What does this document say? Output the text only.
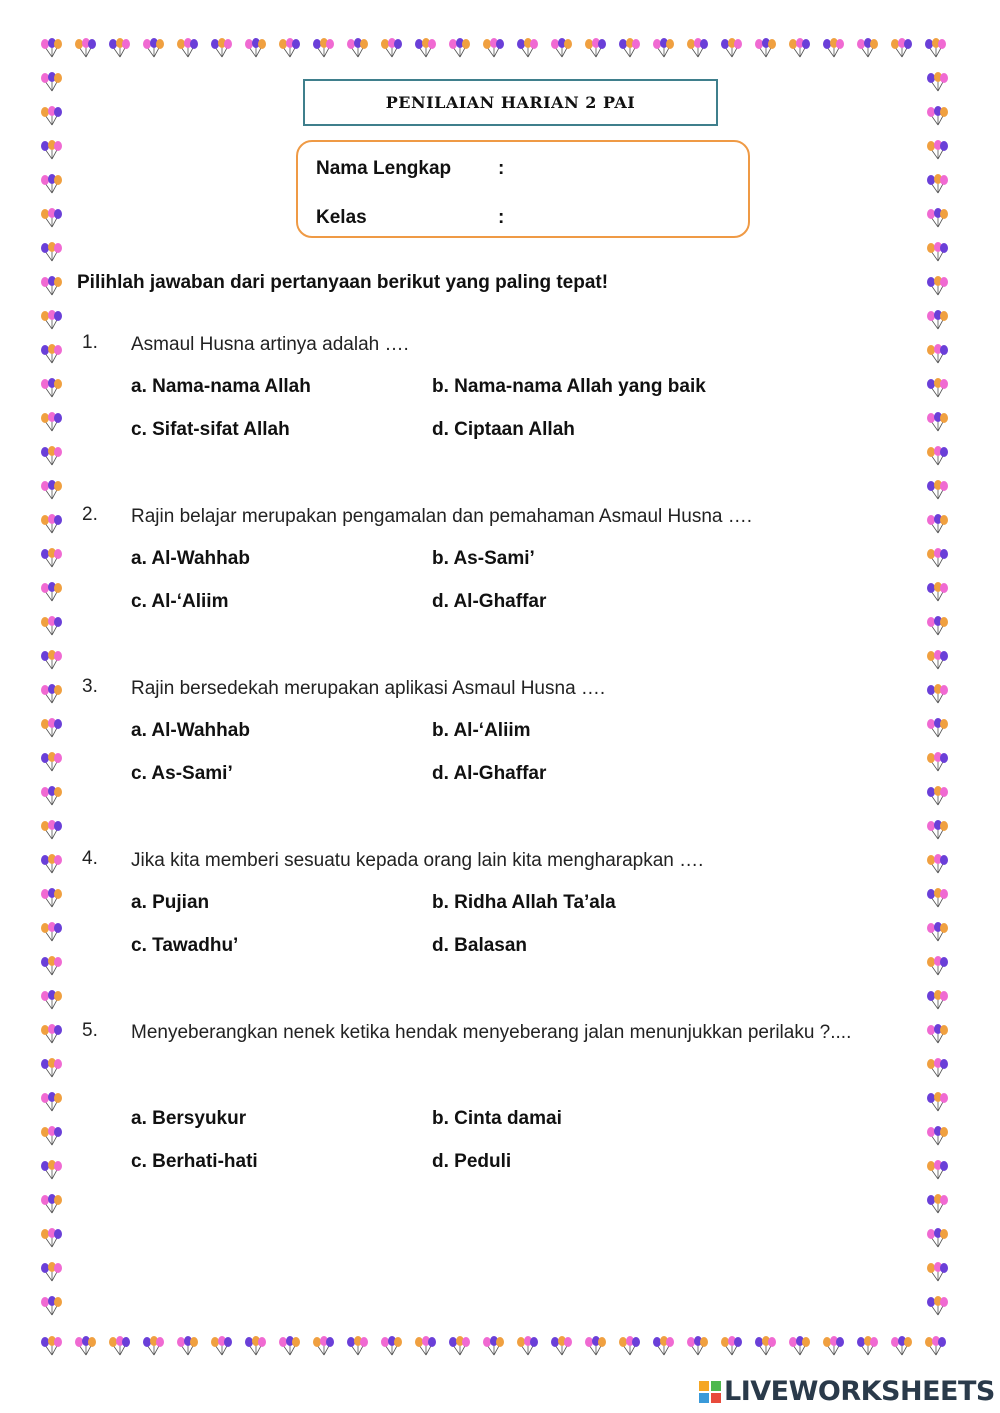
PENILAIAN HARIAN 2 PAI
Nama Lengkap :
Kelas	:
Pilihlah jawaban dari pertanyaan berikut yang paling tepat!
1. Asmaul Husna artinya adalah ….
a. Nama-nama Allah	b. Nama-nama Allah yang baik
c. Sifat-sifat Allah	d. Ciptaan Allah
2. Rajin belajar merupakan pengamalan dan pemahaman Asmaul Husna ….
a. Al-Wahhab	b. As-Sami’
c. Al-‘Aliim	d. Al-Ghaffar
3. Rajin bersedekah merupakan aplikasi Asmaul Husna ….
a. Al-Wahhab	b. Al-‘Aliim
c. As-Sami’	d. Al-Ghaffar
4. Jika kita memberi sesuatu kepada orang lain kita mengharapkan ….
a. Pujian	b. Ridha Allah Ta’ala
c. Tawadhu’	d. Balasan
5. Menyeberangkan nenek ketika hendak menyeberang jalan menunjukkan perilaku ?....
a. Bersyukur	b. Cinta damai
c. Berhati-hati	d. Peduli
LIVEWORKSHEETS
